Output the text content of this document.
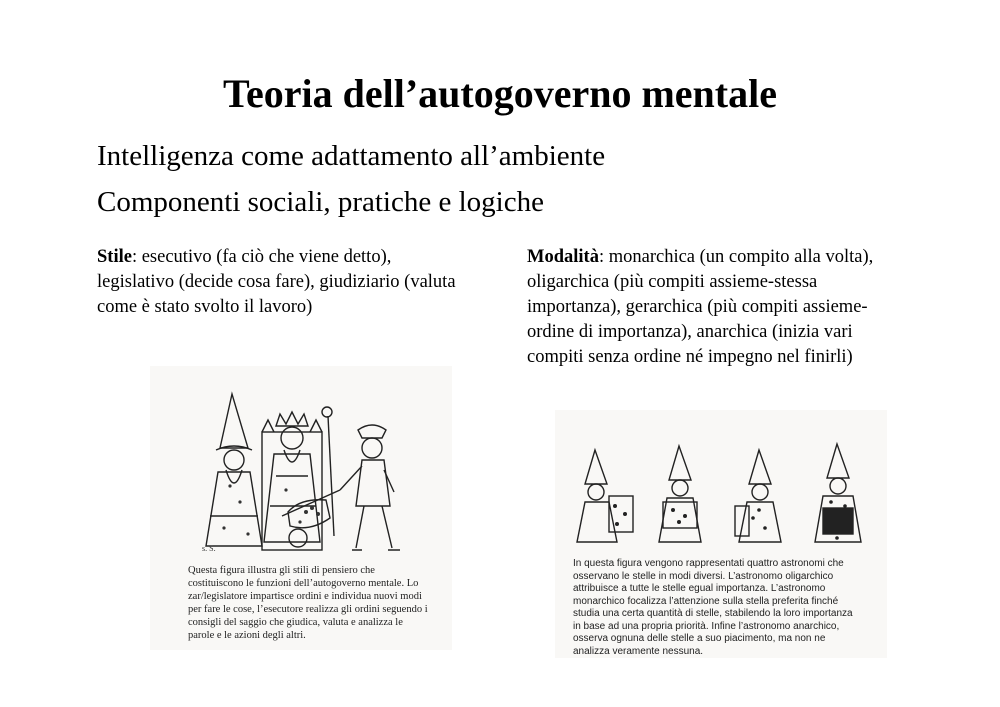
Teoria dell’autogoverno mentale
Intelligenza come adattamento all’ambiente
Componenti sociali, pratiche e logiche
Stile: esecutivo (fa ciò che viene detto), legislativo (decide cosa fare), giudiziario (valuta come è stato svolto il lavoro)
Modalità: monarchica (un compito alla volta), oligarchica (più compiti assieme-stessa importanza), gerarchica (più compiti assieme-ordine di importanza), anarchica (inizia vari compiti senza ordine né impegno nel finirli)
s. S.
Questa figura illustra gli stili di pensiero che costituiscono le funzioni dell’autogoverno mentale. Lo zar/legislatore impartisce ordini e individua nuovi modi per fare le cose, l’esecutore realizza gli ordini seguendo i consigli del saggio che giudica, valuta e analizza le parole e le azioni degli altri.
In questa figura vengono rappresentati quattro astronomi che osservano le stelle in modi diversi. L’astronomo oligarchico attribuisce a tutte le stelle egual importanza. L’astronomo monarchico focalizza l’attenzione sulla stella preferita finché studia una certa quantità di stelle, stabilendo la loro importanza in base ad una propria priorità. Infine l’astronomo anarchico, osserva ognuna delle stelle a suo piacimento, ma non ne analizza veramente nessuna.
